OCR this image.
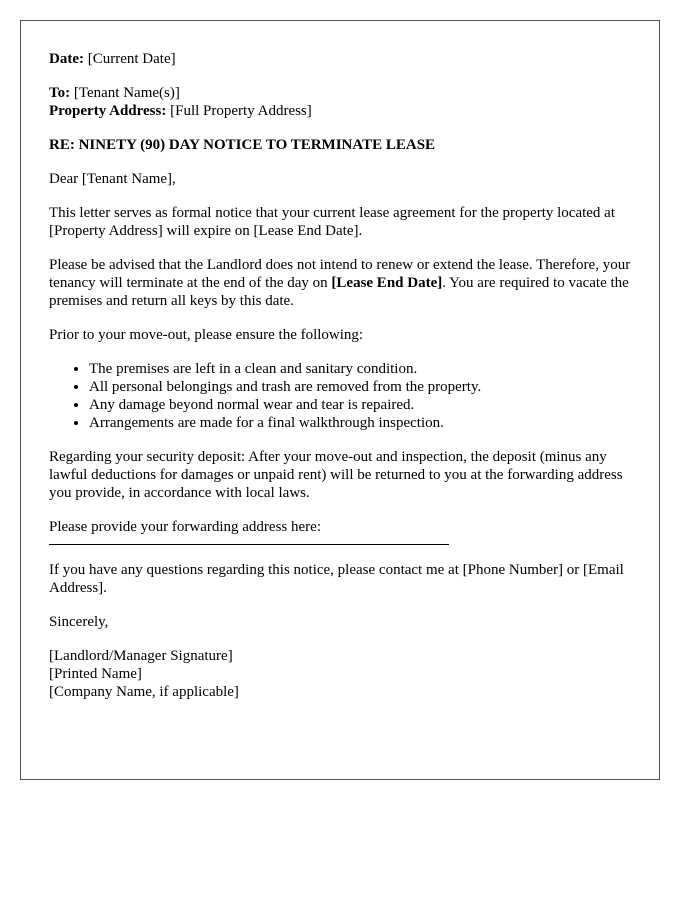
Date: [Current Date]

To: [Tenant Name(s)]
Property Address: [Full Property Address]

RE: NINETY (90) DAY NOTICE TO TERMINATE LEASE

Dear [Tenant Name],

This letter serves as formal notice that your current lease agreement for the property located at [Property Address] will expire on [Lease End Date].

Please be advised that the Landlord does not intend to renew or extend the lease. Therefore, your tenancy will terminate at the end of the day on [Lease End Date]. You are required to vacate the premises and return all keys by this date.

Prior to your move-out, please ensure the following:

• The premises are left in a clean and sanitary condition.
• All personal belongings and trash are removed from the property.
• Any damage beyond normal wear and tear is repaired.
• Arrangements are made for a final walkthrough inspection.

Regarding your security deposit: After your move-out and inspection, the deposit (minus any lawful deductions for damages or unpaid rent) will be returned to you at the forwarding address you provide, in accordance with local laws.

Please provide your forwarding address here:

If you have any questions regarding this notice, please contact me at [Phone Number] or [Email Address].

Sincerely,

[Landlord/Manager Signature]

[Printed Name]

[Company Name, if applicable]
